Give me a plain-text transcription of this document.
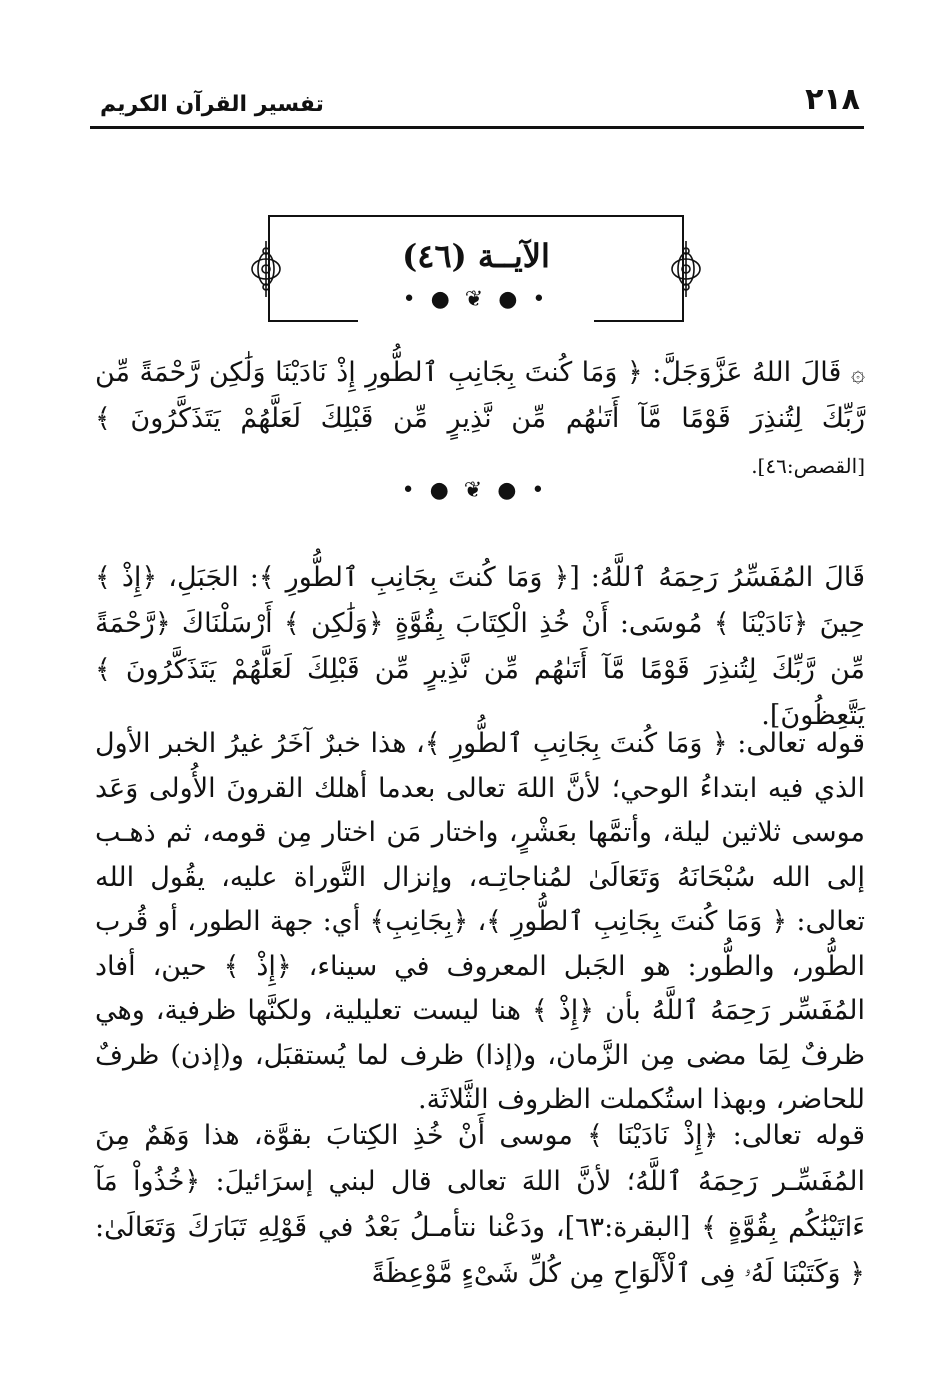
٢١٨
تفسير القرآن الكريم
الآيــة (٤٦)
• ● ❦ ● •

۞ قَالَ اللهُ عَزَّوَجَلَّ: ﴿ وَمَا كُنتَ بِجَانِبِ ٱلطُّورِ إِذْ نَادَيْنَا وَلَٰكِن رَّحْمَةً مِّن رَّبِّكَ لِتُنذِرَ قَوْمًا مَّآ أَتَىٰهُم مِّن نَّذِيرٍ مِّن قَبْلِكَ لَعَلَّهُمْ يَتَذَكَّرُونَ ﴾ [القصص:٤٦].

• ● ❦ ● •

قَالَ المُفَسِّرُ رَحِمَهُ ٱللَّهُ: [﴿ وَمَا كُنتَ بِجَانِبِ ٱلطُّورِ ﴾: الجَبَلِ، ﴿إِذْ ﴾ حِينَ ﴿نَادَيْنَا ﴾ مُوسَى: أَنْ خُذِ الْكِتَابَ بِقُوَّةٍ ﴿وَلَٰكِن ﴾ أَرْسَلْنَاكَ ﴿رَّحْمَةً مِّن رَّبِّكَ لِتُنذِرَ قَوْمًا مَّآ أَتَىٰهُم مِّن نَّذِيرٍ مِّن قَبْلِكَ لَعَلَّهُمْ يَتَذَكَّرُونَ ﴾ يَتَّعِظُونَ].

قوله تعالى: ﴿ وَمَا كُنتَ بِجَانِبِ ٱلطُّورِ ﴾، هذا خبرٌ آخَرُ غيرُ الخبر الأول الذي فيه ابتداءُ الوحي؛ لأنَّ اللهَ تعالى بعدما أهلك القرونَ الأُولى وَعَد موسى ثلاثين ليلة، وأتمَّها بعَشْرٍ، واختار مَن اختار مِن قومه، ثم ذهـب إلى الله سُبْحَانَهُ وَتَعَالَىٰ لمُناجاتِـه، وإنزال التَّوراة عليه، يقُول الله تعالى: ﴿ وَمَا كُنتَ بِجَانِبِ ٱلطُّورِ ﴾، ﴿بِجَانِبِ﴾ أي: جهة الطور، أو قُرب الطُّور، والطُّور: هو الجَبل المعروف في سيناء، ﴿إِذْ ﴾ حين، أفاد المُفَسِّر رَحِمَهُ ٱللَّهُ بأن ﴿إِذْ ﴾ هنا ليست تعليلية، ولكنَّها ظرفية، وهي ظرفٌ لِمَا مضى مِن الزَّمان، و(إذا) ظرف لما يُستقبَل، و(إذن) ظرفٌ للحاضر، وبهذا استُكملت الظروف الثَّلاثَة.

قوله تعالى: ﴿إِذْ نَادَيْنَا ﴾ موسى أَنْ خُذِ الكِتابَ بقوَّة، هذا وَهَمٌ مِنَ المُفَسِّـر رَحِمَهُ ٱللَّهُ؛ لأنَّ اللهَ تعالى قال لبني إسرَائيلَ: ﴿خُذُواْ مَآ ءَاتَيْنَٰكُم بِقُوَّةٍ ﴾ [البقرة:٦٣]، ودَعْنا نتأمـلُ بَعْدُ في قَوْلِهِ تَبَارَكَ وَتَعَالَىٰ: ﴿ وَكَتَبْنَا لَهُۥ فِى ٱلْأَلْوَاحِ مِن كُلِّ شَىْءٍ مَّوْعِظَةً
